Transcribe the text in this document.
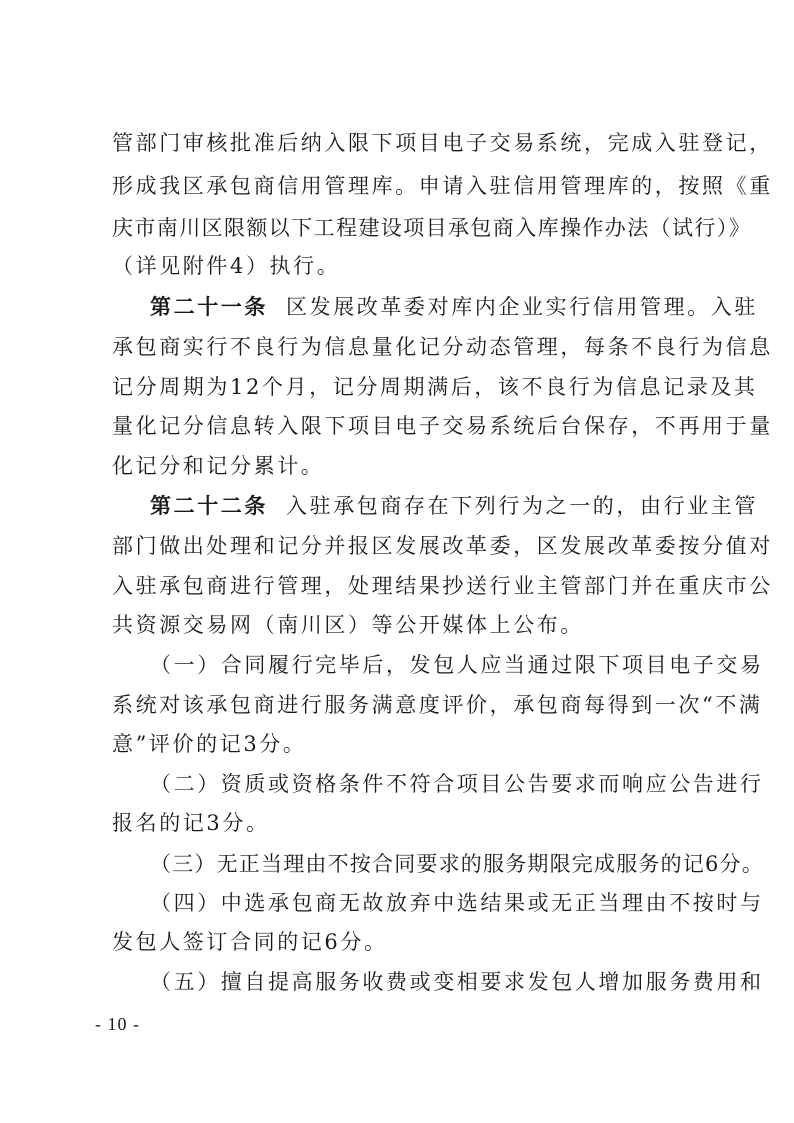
管部门审核批准后纳入限下项目电子交易系统，完成入驻登记，
形成我区承包商信用管理库。申请入驻信用管理库的，按照《重
庆市南川区限额以下工程建设项目承包商入库操作办法（试行）》
（详见附件4）执行。
第二十一条 区发展改革委对库内企业实行信用管理。入驻
承包商实行不良行为信息量化记分动态管理，每条不良行为信息
记分周期为12个月，记分周期满后，该不良行为信息记录及其
量化记分信息转入限下项目电子交易系统后台保存，不再用于量
化记分和记分累计。
第二十二条 入驻承包商存在下列行为之一的，由行业主管
部门做出处理和记分并报区发展改革委，区发展改革委按分值对
入驻承包商进行管理，处理结果抄送行业主管部门并在重庆市公
共资源交易网（南川区）等公开媒体上公布。
（一）合同履行完毕后，发包人应当通过限下项目电子交易
系统对该承包商进行服务满意度评价，承包商每得到一次“不满
意”评价的记3分。
（二）资质或资格条件不符合项目公告要求而响应公告进行
报名的记3分。
（三）无正当理由不按合同要求的服务期限完成服务的记6分。
（四）中选承包商无故放弃中选结果或无正当理由不按时与
发包人签订合同的记6分。
（五）擅自提高服务收费或变相要求发包人增加服务费用和
- 10 -
